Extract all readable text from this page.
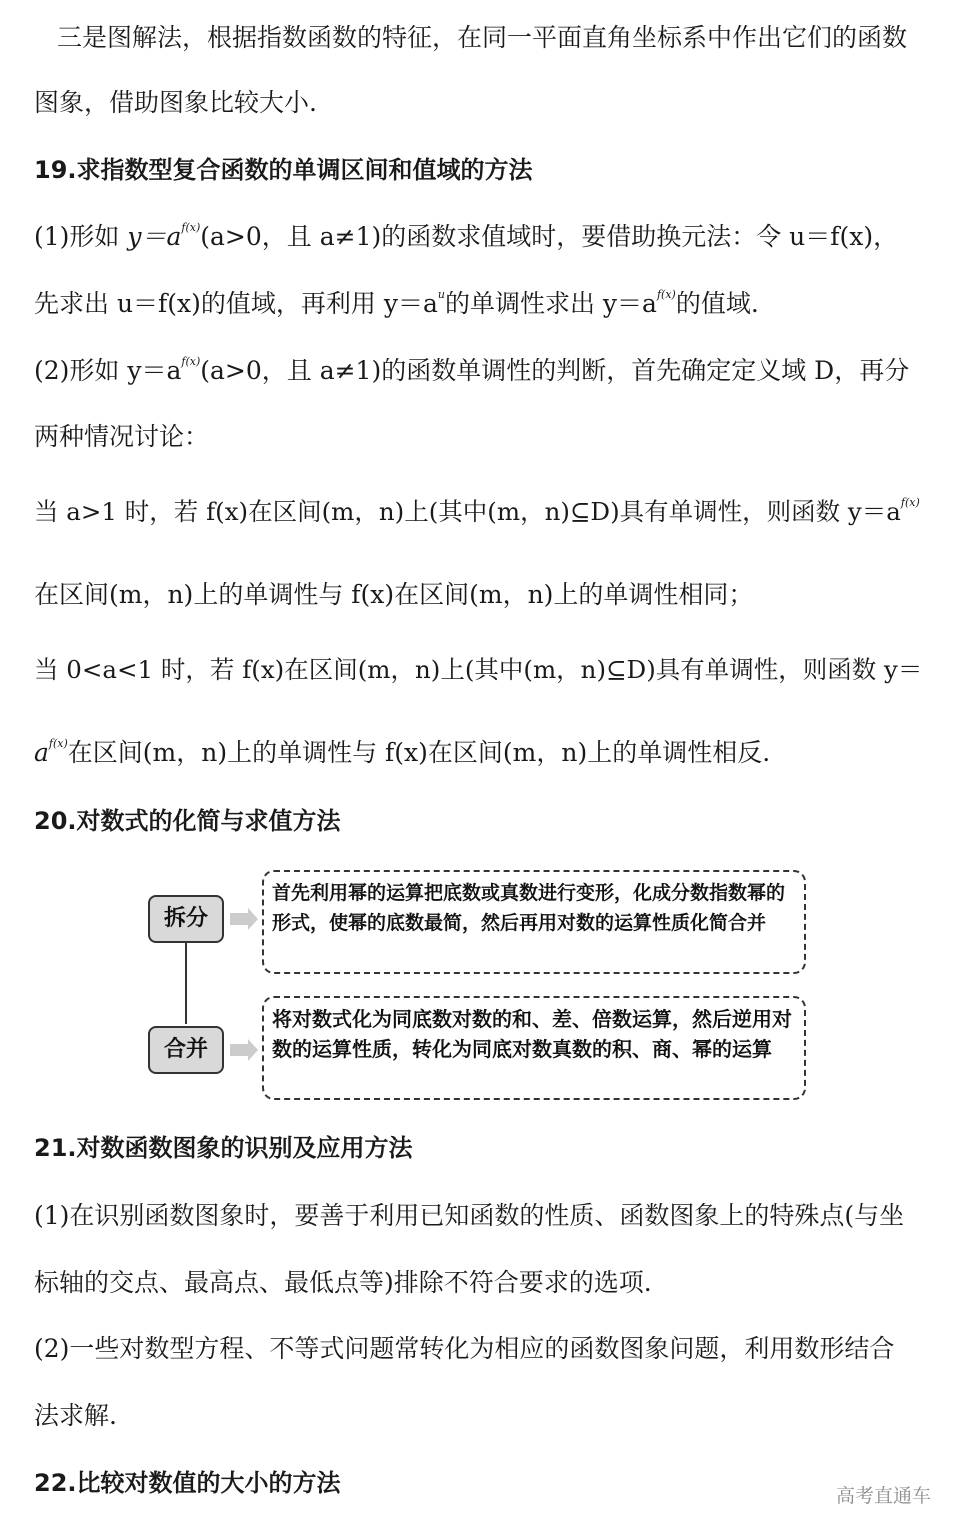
三是图解法，根据指数函数的特征，在同一平面直角坐标系中作出它们的函数
图象，借助图象比较大小.
19.求指数型复合函数的单调区间和值域的方法
(1)形如 $y=a^{f(x)}(a>0$，且 a≠1)的函数求值域时，要借助换元法：令 u＝f(x)，
先求出 u＝f(x)的值域，再利用 $y=a^u$的单调性求出 $y=a^{f(x)}$的值域.
(2)形如 $y=a^{f(x)}(a>0$，且 a≠1)的函数单调性的判断，首先确定定义域 D，再分
两种情况讨论：
当 a>1 时，若 f(x)在区间(m，n)上(其中(m，n)⊆D)具有单调性，则函数 $y=a^{f(x)}$
在区间(m，n)上的单调性与 f(x)在区间(m，n)上的单调性相同；
当 0<a<1 时，若 f(x)在区间(m，n)上(其中(m，n)⊆D)具有单调性，则函数 y＝
$a^{f(x)}$在区间(m，n)上的单调性与 f(x)在区间(m，n)上的单调性相反.
20.对数式的化简与求值方法
拆分
合并
首先利用幂的运算把底数或真数进行变形，化成分数指数幂的形式，使幂的底数最简，然后再用对数的运算性质化简合并
将对数式化为同底数对数的和、差、倍数运算，然后逆用对数的运算性质，转化为同底对数真数的积、商、幂的运算
21.对数函数图象的识别及应用方法
(1)在识别函数图象时，要善于利用已知函数的性质、函数图象上的特殊点(与坐
标轴的交点、最高点、最低点等)排除不符合要求的选项.
(2)一些对数型方程、不等式问题常转化为相应的函数图象问题，利用数形结合
法求解.
22.比较对数值的大小的方法	高考直通车
